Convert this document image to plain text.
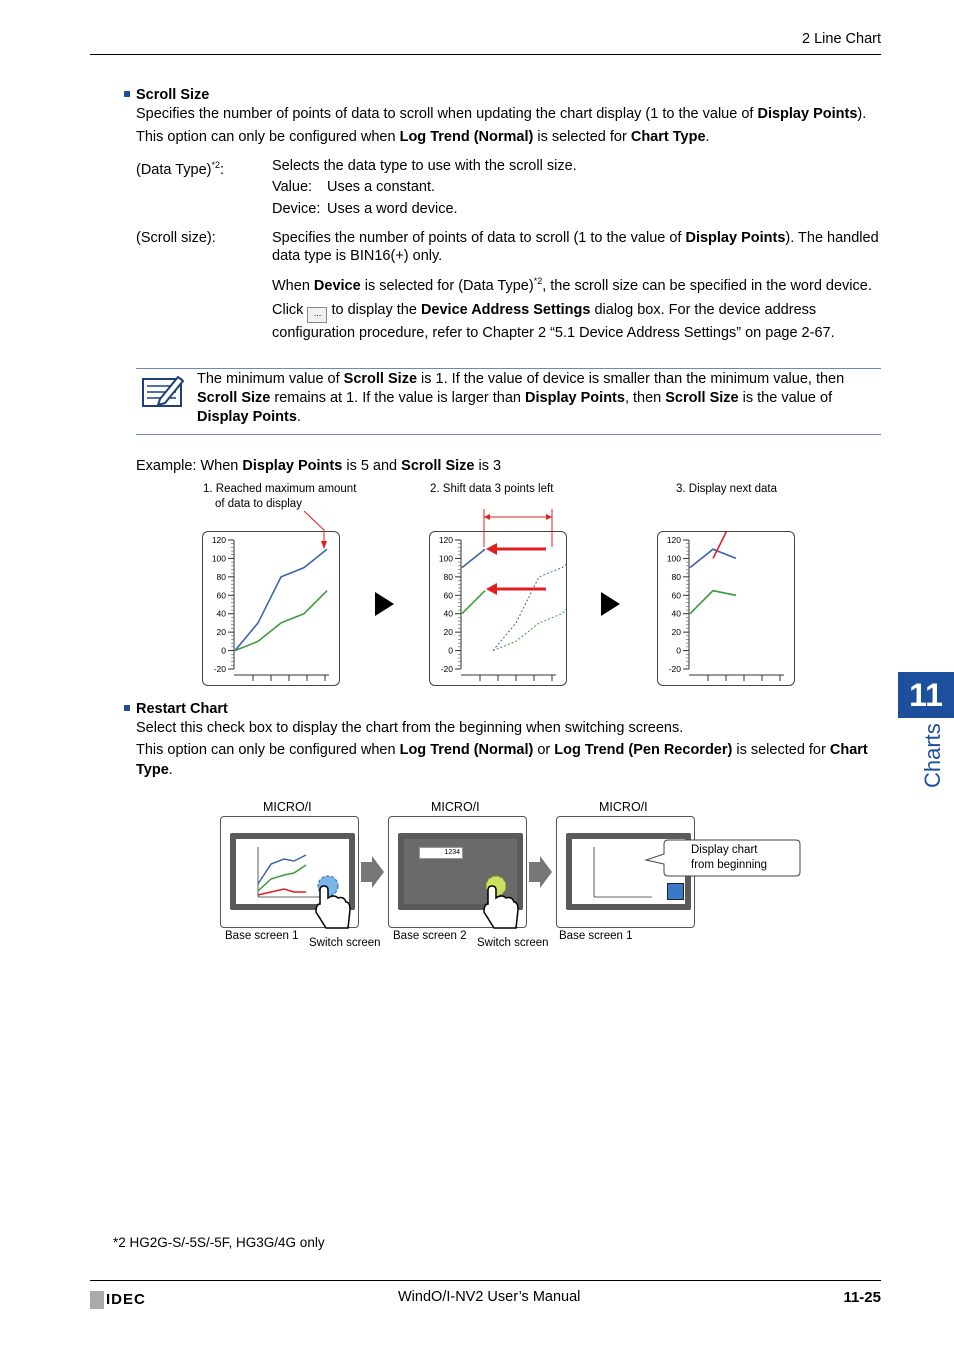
2 Line Chart
11
Charts
Scroll Size
Specifies the number of points of data to scroll when updating the chart display (1 to the value of Display Points).
This option can only be configured when Log Trend (Normal) is selected for Chart Type.
(Data Type)$^{*2}$:	Selects the data type to use with the scroll size.
Value: Uses a constant.
Device: Uses a word device.
(Scroll size):	Specifies the number of points of data to scroll (1 to the value of Display Points). The handled
data type is BIN16(+) only.
When Device is selected for (Data Type)$^{*2}$, the scroll size can be specified in the word device.
Click ... to display the Device Address Settings dialog box. For the device address
configuration procedure, refer to Chapter 2 “5.1 Device Address Settings” on page 2-67.
The minimum value of Scroll Size is 1. If the value of device is smaller than the minimum value, then
Scroll Size remains at 1. If the value is larger than Display Points, then Scroll Size is the value of
Display Points.
Example: When Display Points is 5 and Scroll Size is 3
1. Reached maximum amount
of data to display
2. Shift data 3 points left	3. Display next data
120
100
80
60
40
20
0
-20
120
100
80
60
40
20
0
-20
120
100
80
60
40
20
0
-20
Restart Chart
Select this check box to display the chart from the beginning when switching screens.
This option can only be configured when Log Trend (Normal) or Log Trend (Pen Recorder) is selected for Chart
Type.
MICRO/I	MICRO/I	MICRO/I
1234	Display chart
from beginning
Base screen 1
Switch screen
Base screen 2
Switch screen
Base screen 1
*2 HG2G-S/-5S/-5F, HG3G/4G only
IDEC	WindO/I-NV2 User’s Manual	11-25
